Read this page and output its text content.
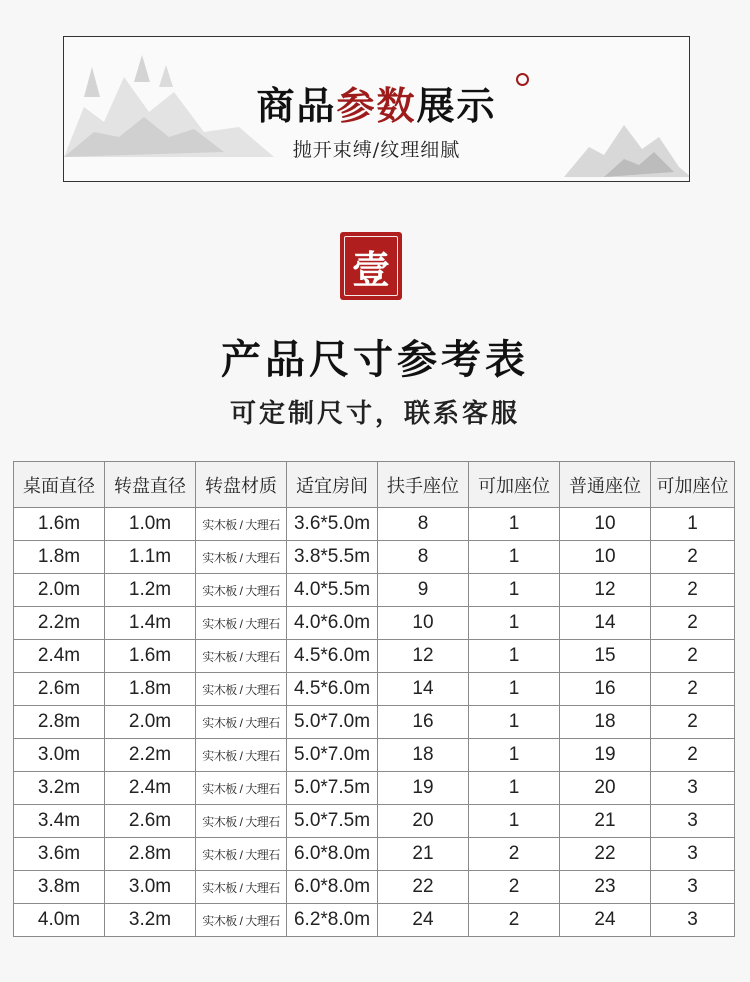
商品参数展示
抛开束缚/纹理细腻
壹
产品尺寸参考表
可定制尺寸，联系客服
桌面直径	转盘直径	转盘材质	适宜房间	扶手座位	可加座位	普通座位	可加座位
1.6m	1.0m	实木板 / 大理石	3.6*5.0m	8	1	10	1
1.8m	1.1m	实木板 / 大理石	3.8*5.5m	8	1	10	2
2.0m	1.2m	实木板 / 大理石	4.0*5.5m	9	1	12	2
2.2m	1.4m	实木板 / 大理石	4.0*6.0m	10	1	14	2
2.4m	1.6m	实木板 / 大理石	4.5*6.0m	12	1	15	2
2.6m	1.8m	实木板 / 大理石	4.5*6.0m	14	1	16	2
2.8m	2.0m	实木板 / 大理石	5.0*7.0m	16	1	18	2
3.0m	2.2m	实木板 / 大理石	5.0*7.0m	18	1	19	2
3.2m	2.4m	实木板 / 大理石	5.0*7.5m	19	1	20	3
3.4m	2.6m	实木板 / 大理石	5.0*7.5m	20	1	21	3
3.6m	2.8m	实木板 / 大理石	6.0*8.0m	21	2	22	3
3.8m	3.0m	实木板 / 大理石	6.0*8.0m	22	2	23	3
4.0m	3.2m	实木板 / 大理石	6.2*8.0m	24	2	24	3
